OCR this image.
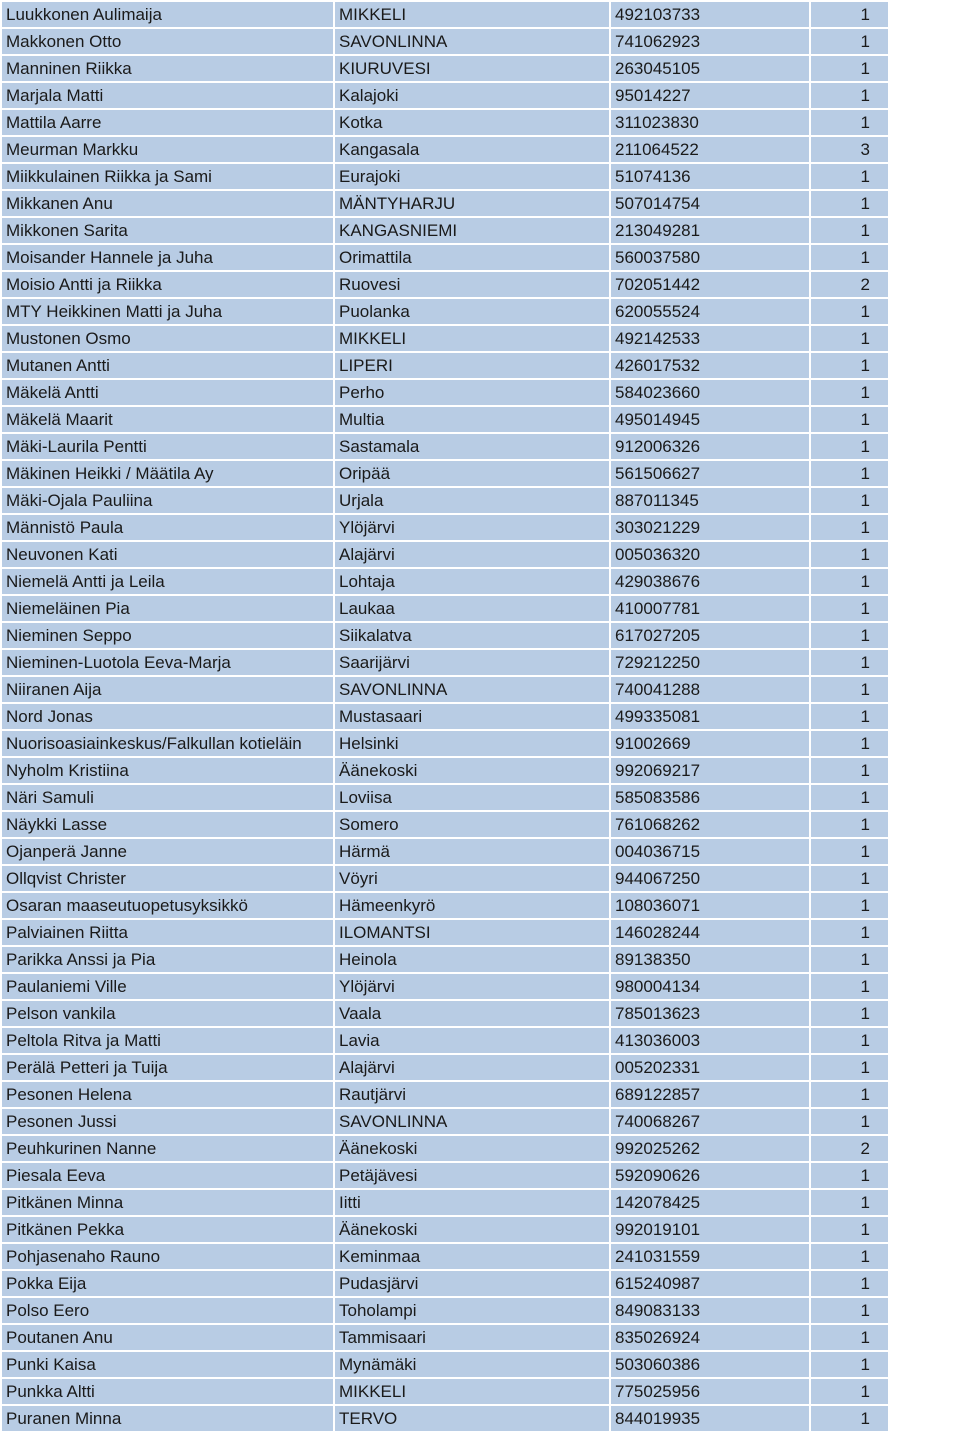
Luukkonen Aulimaija	MIKKELI	492103733	1
Makkonen Otto	SAVONLINNA	741062923	1
Manninen Riikka	KIURUVESI	263045105	1
Marjala Matti	Kalajoki	95014227	1
Mattila Aarre	Kotka	311023830	1
Meurman Markku	Kangasala	211064522	3
Miikkulainen Riikka ja Sami	Eurajoki	51074136	1
Mikkanen Anu	MÄNTYHARJU	507014754	1
Mikkonen Sarita	KANGASNIEMI	213049281	1
Moisander Hannele ja Juha	Orimattila	560037580	1
Moisio Antti ja Riikka	Ruovesi	702051442	2
MTY Heikkinen Matti ja Juha	Puolanka	620055524	1
Mustonen Osmo	MIKKELI	492142533	1
Mutanen Antti	LIPERI	426017532	1
Mäkelä Antti	Perho	584023660	1
Mäkelä Maarit	Multia	495014945	1
Mäki-Laurila Pentti	Sastamala	912006326	1
Mäkinen Heikki / Määtila Ay	Oripää	561506627	1
Mäki-Ojala Pauliina	Urjala	887011345	1
Männistö Paula	Ylöjärvi	303021229	1
Neuvonen Kati	Alajärvi	005036320	1
Niemelä Antti ja Leila	Lohtaja	429038676	1
Niemeläinen Pia	Laukaa	410007781	1
Nieminen Seppo	Siikalatva	617027205	1
Nieminen-Luotola Eeva-Marja	Saarijärvi	729212250	1
Niiranen Aija	SAVONLINNA	740041288	1
Nord Jonas	Mustasaari	499335081	1
Nuorisoasiainkeskus/Falkullan kotieläin	Helsinki	91002669	1
Nyholm Kristiina	Äänekoski	992069217	1
Näri Samuli	Loviisa	585083586	1
Näykki Lasse	Somero	761068262	1
Ojanperä Janne	Härmä	004036715	1
Ollqvist Christer	Vöyri	944067250	1
Osaran maaseutuopetusyksikkö	Hämeenkyrö	108036071	1
Palviainen Riitta	ILOMANTSI	146028244	1
Parikka Anssi ja Pia	Heinola	89138350	1
Paulaniemi Ville	Ylöjärvi	980004134	1
Pelson vankila	Vaala	785013623	1
Peltola Ritva ja Matti	Lavia	413036003	1
Perälä Petteri ja Tuija	Alajärvi	005202331	1
Pesonen Helena	Rautjärvi	689122857	1
Pesonen Jussi	SAVONLINNA	740068267	1
Peuhkurinen Nanne	Äänekoski	992025262	2
Piesala Eeva	Petäjävesi	592090626	1
Pitkänen Minna	Iitti	142078425	1
Pitkänen Pekka	Äänekoski	992019101	1
Pohjasenaho Rauno	Keminmaa	241031559	1
Pokka Eija	Pudasjärvi	615240987	1
Polso Eero	Toholampi	849083133	1
Poutanen Anu	Tammisaari	835026924	1
Punki Kaisa	Mynämäki	503060386	1
Punkka Altti	MIKKELI	775025956	1
Puranen Minna	TERVO	844019935	1
